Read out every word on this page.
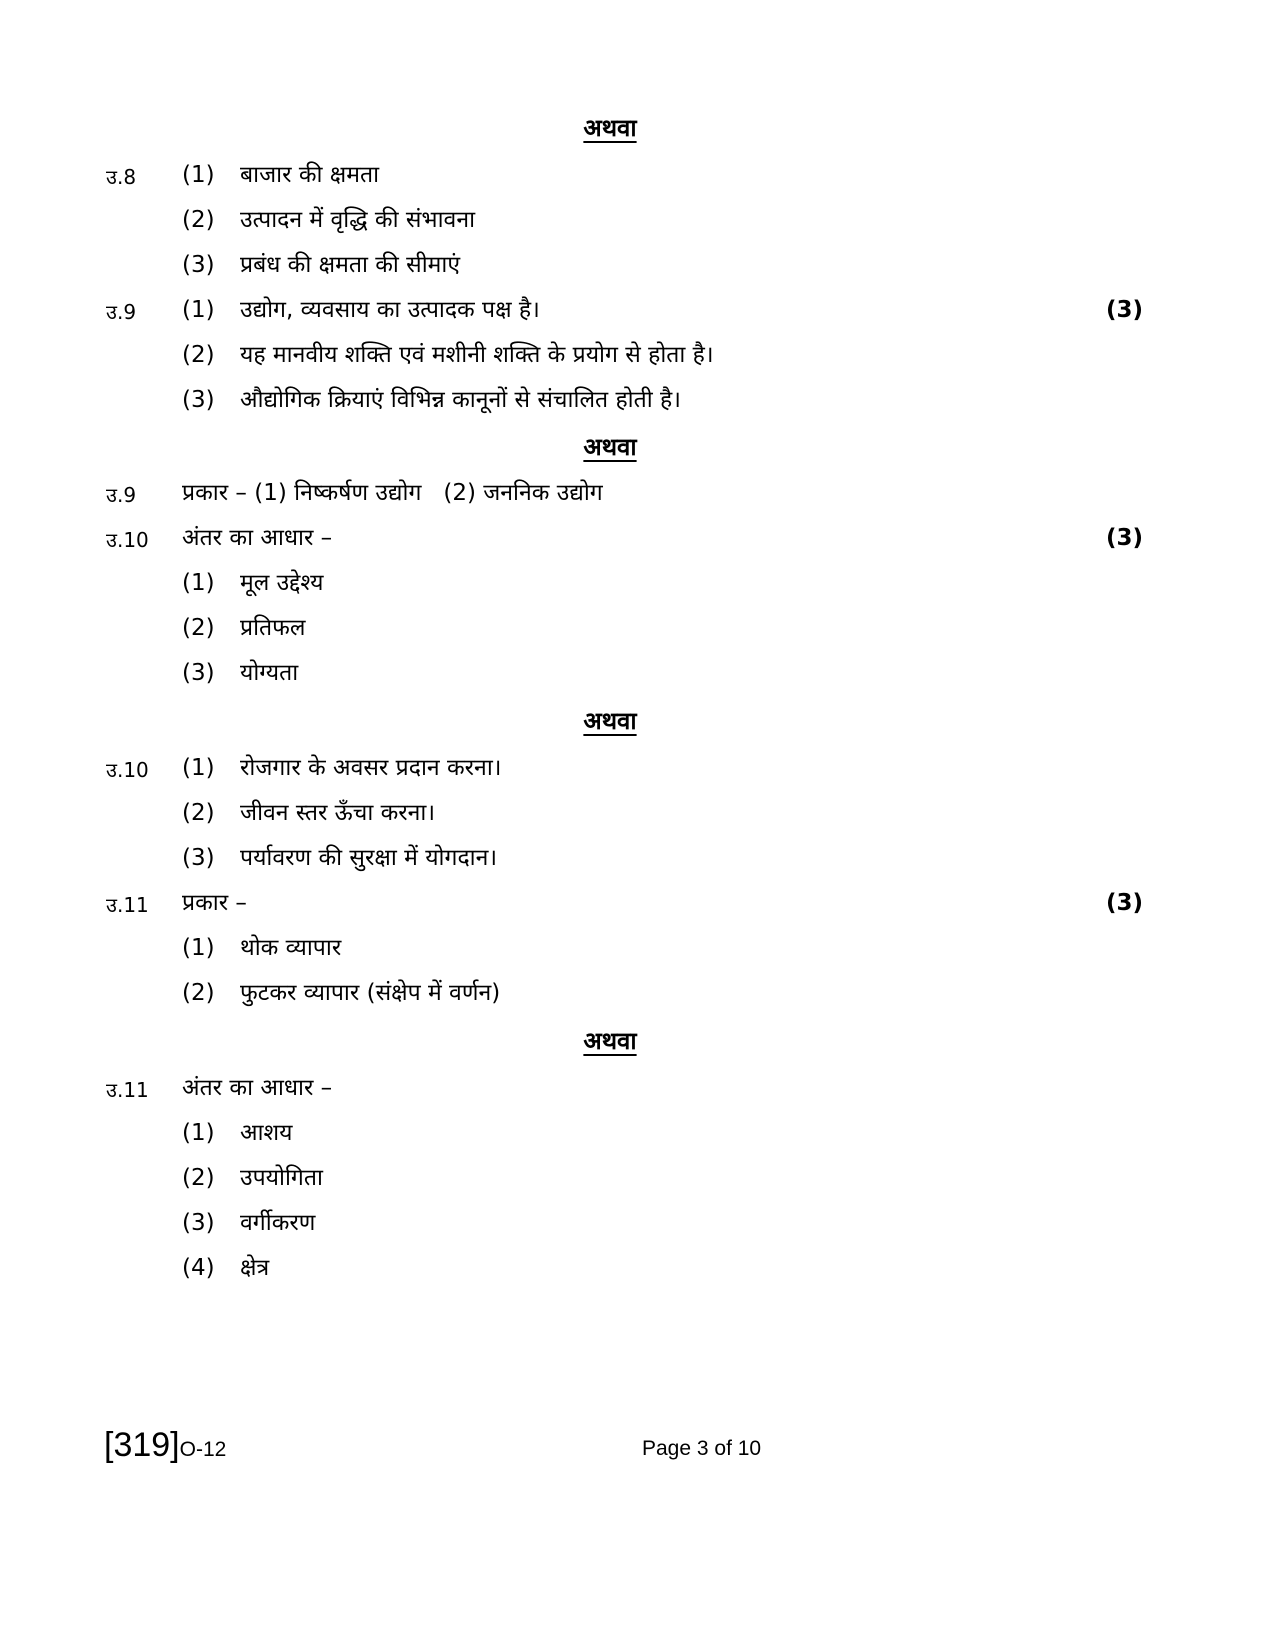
अथवा
उ.8 (1) बाजार की क्षमता
(2) उत्पादन में वृद्धि की संभावना
(3) प्रबंध की क्षमता की सीमाएं
उ.9 (1) उद्योग, व्यवसाय का उत्पादक पक्ष है।	(3)
(2) यह मानवीय शक्ति एवं मशीनी शक्ति के प्रयोग से होता है।
(3) औद्योगिक क्रियाएं विभिन्न कानूनों से संचालित होती है।
अथवा
उ.9 प्रकार – (1) निष्कर्षण उद्योग   (2) जननिक उद्योग
उ.10 अंतर का आधार –	(3)
(1) मूल उद्देश्य
(2) प्रतिफल
(3) योग्यता
अथवा
उ.10 (1) रोजगार के अवसर प्रदान करना।
(2) जीवन स्तर ऊँचा करना।
(3) पर्यावरण की सुरक्षा में योगदान।
उ.11 प्रकार –	(3)
(1) थोक व्यापार
(2) फुटकर व्यापार (संक्षेप में वर्णन)
अथवा
उ.11 अंतर का आधार –
(1) आशय
(2) उपयोगिता
(3) वर्गीकरण
(4) क्षेत्र
[319]O-12	Page 3 of 10
